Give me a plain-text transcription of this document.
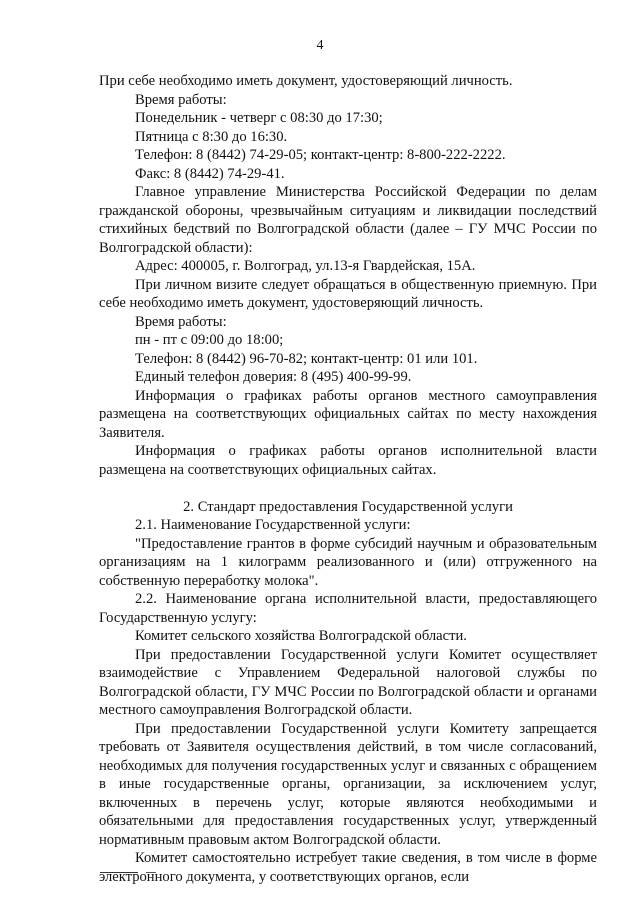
4

При себе необходимо иметь документ, удостоверяющий личность.

Время работы:

Понедельник - четверг с 08:30 до 17:30;

Пятница с 8:30 до 16:30.

Телефон: 8 (8442) 74-29-05; контакт-центр: 8-800-222-2222.

Факс: 8 (8442) 74-29-41.

Главное управление Министерства Российской Федерации по делам гражданской обороны, чрезвычайным ситуациям и ликвидации последствий стихийных бедствий по Волгоградской области (далее – ГУ МЧС России по Волгоградской области):

Адрес: 400005, г. Волгоград, ул.13-я Гвардейская, 15А.

При личном визите следует обращаться в общественную приемную. При себе необходимо иметь документ, удостоверяющий личность.

Время работы:

пн - пт с 09:00 до 18:00;

Телефон: 8 (8442) 96-70-82; контакт-центр: 01 или 101.

Единый телефон доверия: 8 (495) 400-99-99.

Информация о графиках работы органов местного самоуправления размещена на соответствующих официальных сайтах по месту нахождения Заявителя.

Информация о графиках работы органов исполнительной власти размещена на соответствующих официальных сайтах.

2. Стандарт предоставления Государственной услуги

2.1. Наименование Государственной услуги:

"Предоставление грантов в форме субсидий научным и образовательным организациям на 1 килограмм реализованного и (или) отгруженного на собственную переработку молока".

2.2. Наименование органа исполнительной власти, предоставляющего Государственную услугу:

Комитет сельского хозяйства Волгоградской области.

При предоставлении Государственной услуги Комитет осуществляет взаимодействие с Управлением Федеральной налоговой службы по Волгоградской области, ГУ МЧС России по Волгоградской области и органами местного самоуправления Волгоградской области.

При предоставлении Государственной услуги Комитету запрещается требовать от Заявителя осуществления действий, в том числе согласований, необходимых для получения государственных услуг и связанных с обращением в иные государственные органы, организации, за исключением услуг, включенных в перечень услуг, которые являются необходимыми и обязательными для предоставления государственных услуг, утвержденный нормативным правовым актом Волгоградской области.

Комитет самостоятельно истребует такие сведения, в том числе в форме электронного документа, у соответствующих органов, если
